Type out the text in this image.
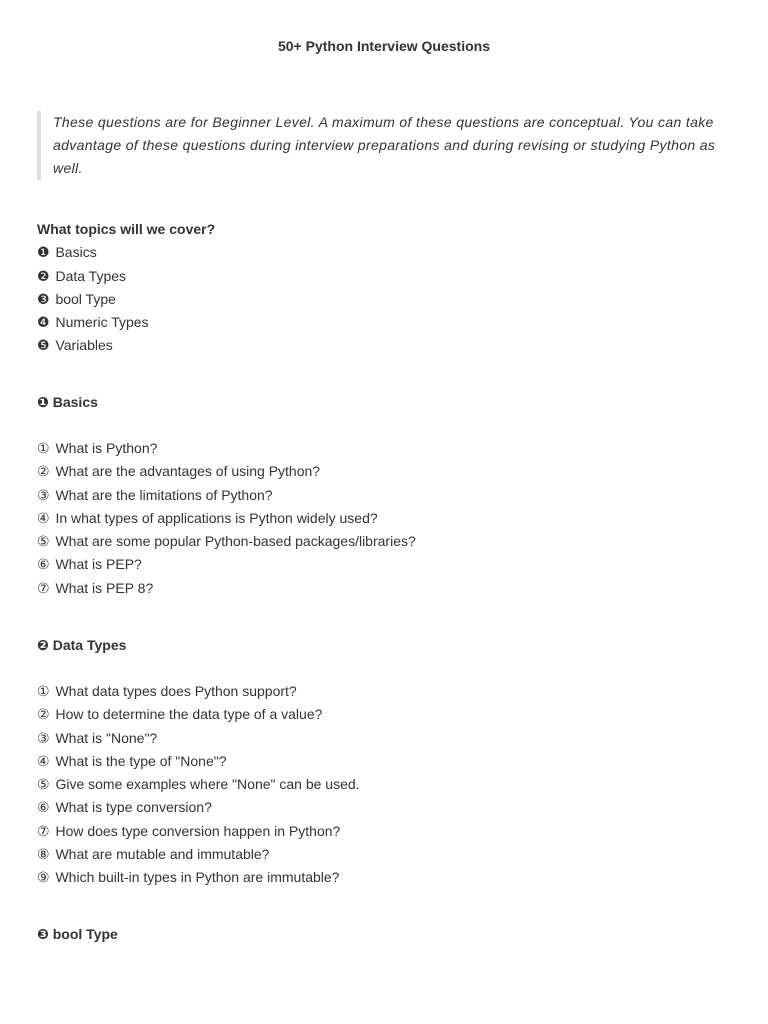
50+ Python Interview Questions
These questions are for Beginner Level. A maximum of these questions are conceptual. You can take advantage of these questions during interview preparations and during revising or studying Python as well.
What topics will we cover?
❶ Basics
❷ Data Types
❸ bool Type
❹ Numeric Types
❺ Variables
❶ Basics
① What is Python?
② What are the advantages of using Python?
③ What are the limitations of Python?
④ In what types of applications is Python widely used?
⑤ What are some popular Python-based packages/libraries?
⑥ What is PEP?
⑦ What is PEP 8?
❷ Data Types
① What data types does Python support?
② How to determine the data type of a value?
③ What is "None"?
④ What is the type of "None"?
⑤ Give some examples where "None" can be used.
⑥ What is type conversion?
⑦ How does type conversion happen in Python?
⑧ What are mutable and immutable?
⑨ Which built-in types in Python are immutable?
❸ bool Type
